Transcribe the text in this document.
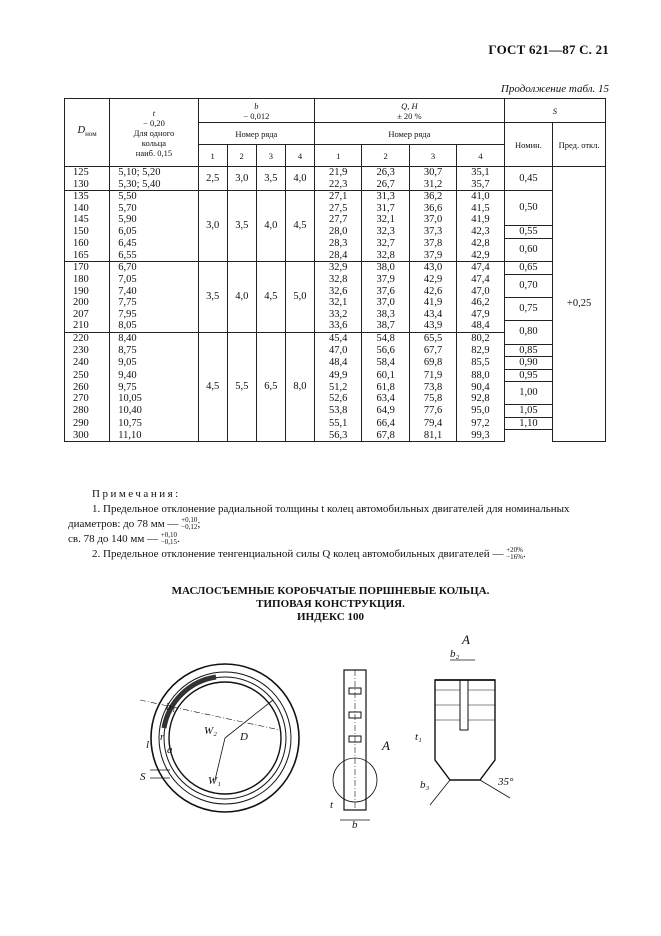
ГОСТ 621—87 С. 21
Продолжение табл. 15
$D_{ном}$	t
− 0,20
Для одного
кольца
наиб. 0,15	b
− 0,012				Q, Н
± 20 %				S	
		Номер ряда				Номер ряда				Номин.	Пред. откл.
		1	2	3	4	1	2	3	4		
125	5,10; 5,20	2,5	3,0	3,5	4,0	21,9	26,3	30,7	35,1	0,45	+0,25
130	5,30; 5,40					22,3	26,7	31,2	35,7		
135	5,50	3,0	3,5	4,0	4,5	27,1	31,3	36,2	41,0	0,50	
140	5,70					27,5	31,7	36,6	41,5		
145	5,90					27,7	32,1	37,0	41,9		
150	6,05					28,0	32,3	37,3	42,3	0,55	
160	6,45					28,3	32,7	37,8	42,8	0,60	
165	6,55					28,4	32,8	37,9	42,9		
170	6,70	3,5	4,0	4,5	5,0	32,9	38,0	43,0	47,4	0,65	
180	7,05					32,8	37,9	42,9	47,4	0,70	
190	7,40					32,6	37,6	42,6	47,0		
200	7,75					32,1	37,0	41,9	46,2	0,75	
207	7,95					33,2	38,3	43,4	47,9		
210	8,05					33,6	38,7	43,9	48,4	0,80	
220	8,40	4,5	5,5	6,5	8,0	45,4	54,8	65,5	80,2		
230	8,75					47,0	56,6	67,7	82,9	0,85	
240	9,05					48,4	58,4	69,8	85,5	0,90	
250	9,40					49,9	60,1	71,9	88,0	0,95	
260	9,75					51,2	61,8	73,8	90,4	1,00	
270	10,05					52,6	63,4	75,8	92,8		
280	10,40					53,8	64,9	77,6	95,0	1,05	
290	10,75					55,1	66,4	79,4	97,2	1,10	
300	11,10					56,3	67,8	81,1	99,3		
Примечания:
1. Предельное отклонение радиальной толщины t колец автомобильных двигателей для номинальных
диаметров: до 78 мм — +0,10
−0,12;
св. 78 до 140 мм — +0,10
−0,15.
2. Предельное отклонение тенгенциальной силы Q колец автомобильных двигателей — +20%
−16%.
МАСЛОСЪЕМНЫЕ КОРОБЧАТЫЕ ПОРШНЕВЫЕ КОЛЬЦА.
ТИПОВАЯ КОНСТРУКЦИЯ.
ИНДЕКС 100
b₁
l
r
a
W₂ D
S	W₁
A
b
t
A
b₂
t₁
b₃	35°
